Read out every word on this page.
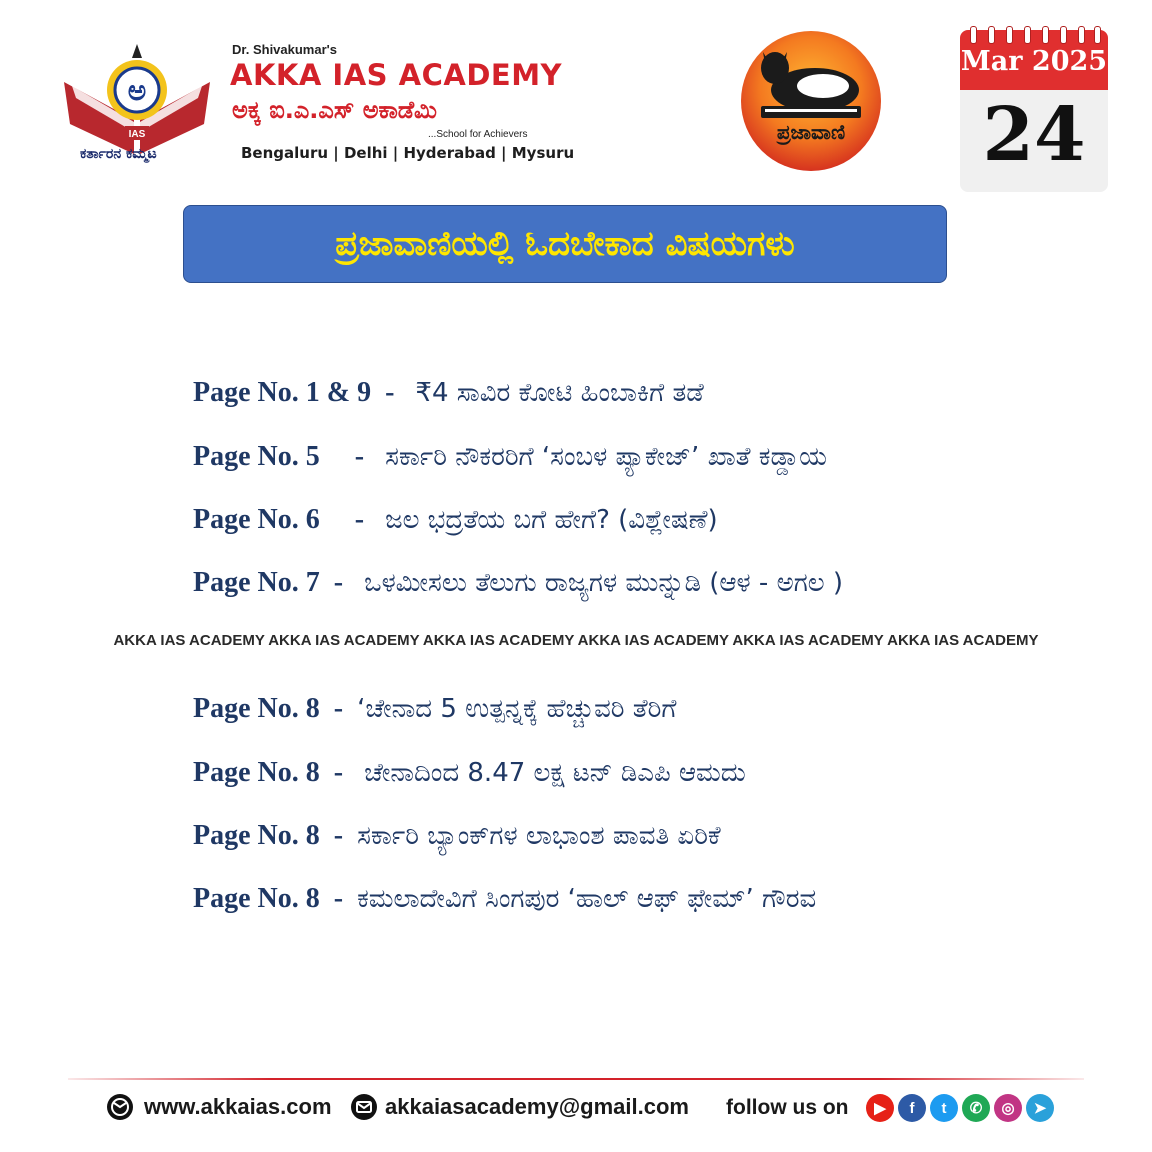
ಅ
IAS
ಕರ್ತಾರನ ಕಮ್ಮಟ
Dr. Shivakumar's
AKKA IAS ACADEMY
ಅಕ್ಕ ಐ.ಎ.ಎಸ್ ಅಕಾಡೆಮಿ
...School for Achievers
Bengaluru | Delhi | Hyderabad | Mysuru
ಪ್ರಜಾವಾಣಿ
Mar 2025
24
ಪ್ರಜಾವಾಣಿಯಲ್ಲಿ ಓದಬೇಕಾದ ವಿಷಯಗಳು
Page No. 1 & 9  -   ₹4 ಸಾವಿರ ಕೋಟಿ ಹಿಂಬಾಕಿಗೆ ತಡೆ
Page No. 5     -   ಸರ್ಕಾರಿ ನೌಕರರಿಗೆ ‘ಸಂಬಳ ಪ್ಯಾಕೇಜ್’ ಖಾತೆ ಕಡ್ಡಾಯ
Page No. 6     -   ಜಲ ಭದ್ರತೆಯ ಬಗೆ ಹೇಗೆ? (ವಿಶ್ಲೇಷಣೆ)
Page No. 7  -   ಒಳಮೀಸಲು ತೆಲುಗು ರಾಜ್ಯಗಳ ಮುನ್ನುಡಿ (ಆಳ - ಅಗಲ )
AKKA IAS ACADEMY AKKA IAS ACADEMY AKKA IAS ACADEMY AKKA IAS ACADEMY AKKA IAS ACADEMY AKKA IAS ACADEMY
Page No. 8  -  ‘ಚೇನಾದ 5 ಉತ್ಪನ್ನಕ್ಕೆ ಹೆಚ್ಚುವರಿ ತೆರಿಗೆ
Page No. 8  -   ಚೇನಾದಿಂದ 8.47 ಲಕ್ಷ ಟನ್ ಡಿಎಪಿ ಆಮದು
Page No. 8  -  ಸರ್ಕಾರಿ ಬ್ಯಾಂಕ್‌ಗಳ ಲಾಭಾಂಶ ಪಾವತಿ ಏರಿಕೆ
Page No. 8  -  ಕಮಲಾದೇವಿಗೆ ಸಿಂಗಪುರ ‘ಹಾಲ್ ಆಫ್ ಫೇಮ್’ ಗೌರವ
www.akkaias.com akkaiasacademy@gmail.com follow us on	▶	f	t	✆	◎	➤
